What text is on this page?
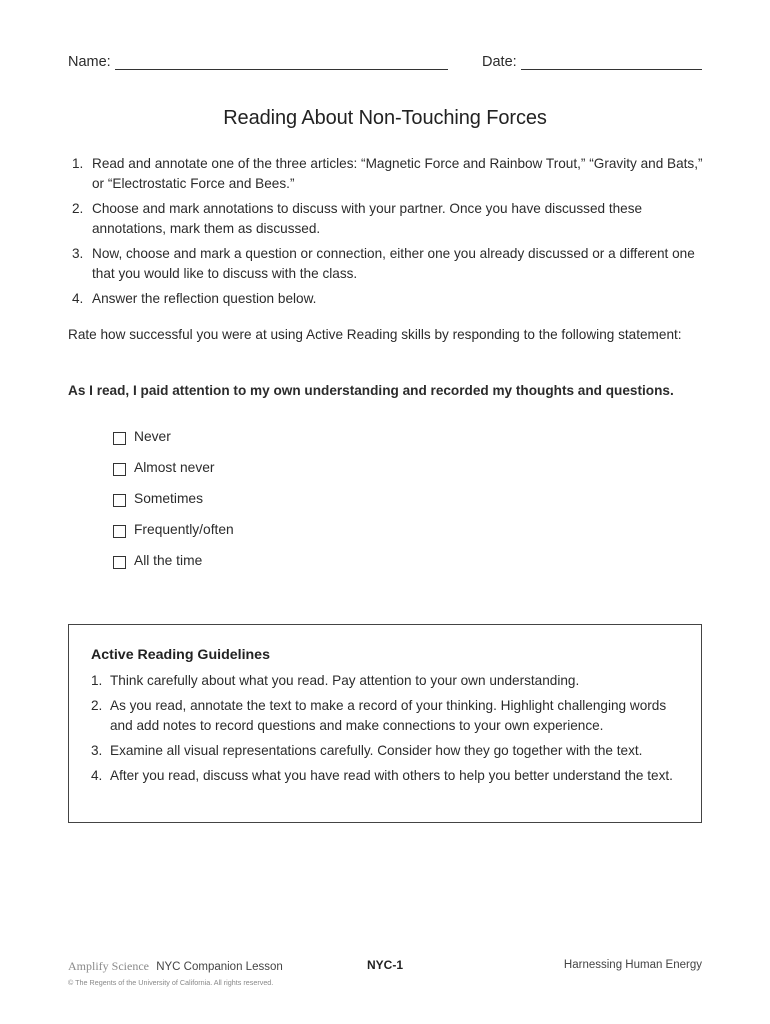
Name:	Date:
Reading About Non-Touching Forces
1. Read and annotate one of the three articles: “Magnetic Force and Rainbow Trout,” “Gravity and Bats,” or “Electrostatic Force and Bees.”
2. Choose and mark annotations to discuss with your partner. Once you have discussed these annotations, mark them as discussed.
3. Now, choose and mark a question or connection, either one you already discussed or a different one that you would like to discuss with the class.
4. Answer the reflection question below.
Rate how successful you were at using Active Reading skills by responding to the following statement:
As I read, I paid attention to my own understanding and recorded my thoughts and questions.
Never
Almost never
Sometimes
Frequently/often
All the time
Active Reading Guidelines
1. Think carefully about what you read. Pay attention to your own understanding.
2. As you read, annotate the text to make a record of your thinking. Highlight challenging words and add notes to record questions and make connections to your own experience.
3. Examine all visual representations carefully. Consider how they go together with the text.
4. After you read, discuss what you have read with others to help you better understand the text.
Amplify Science NYC Companion Lesson	NYC-1	Harnessing Human Energy
© The Regents of the University of California. All rights reserved.
